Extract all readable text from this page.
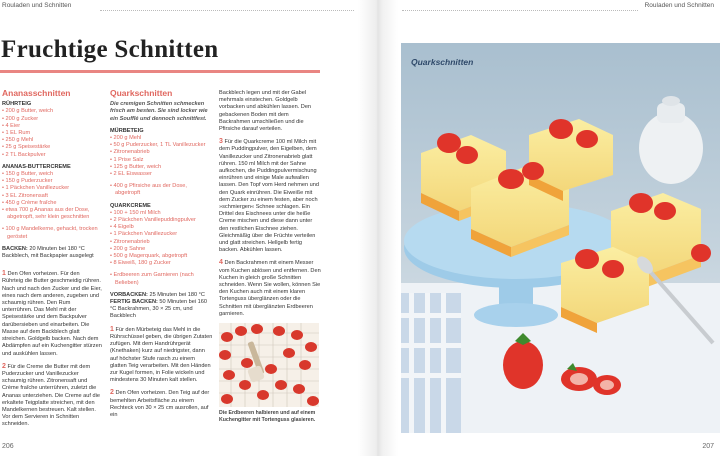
Rouladen und Schnitten	Rouladen und Schnitten
Fruchtige Schnitten
Ananasschnitten
RÜHRTEIG
• 200 g Butter, weich
• 200 g Zucker
• 4 Eier
• 1 EL Rum
• 250 g Mehl
• 25 g Speisestärke
• 2 TL Backpulver
ANANAS-BUTTERCREME
• 150 g Butter, weich
• 150 g Puderzucker
• 1 Päckchen Vanillezucker
• 3 EL Zitronensaft
• 450 g Crème fraîche
• etwa 700 g Ananas aus der Dose, abgetropft, sehr klein geschnitten
• 100 g Mandelkerne, gehackt, trocken geröstet
BACKEN: 20 Minuten bei 180 °C Backblech, mit Backpapier ausgelegt
1 Den Ofen vorheizen. Für den Rührteig die Butter geschmeidig rühren. Nach und nach den Zucker und die Eier, eines nach dem anderen, zugeben und schaumig rühren. Den Rum unterrühren. Das Mehl mit der Speisestärke und dem Backpulver darübersieben und einarbeiten. Die Masse auf dem Backblech glatt streichen. Goldgelb backen. Nach dem Abdämpfen auf ein Kuchengitter stürzen und auskühlen lassen.
2 Für die Creme die Butter mit dem Puderzucker und Vanillezucker schaumig rühren. Zitronensaft und Crème fraîche unterrühren, zuletzt die Ananas unterziehen. Die Creme auf die erkaltete Teigplatte streichen, mit den Mandelkernen bestreuen. Kalt stellen. Vor dem Servieren in Schnitten schneiden.
Quarkschnitten
Die cremigen Schnitten schmecken frisch am besten. Sie sind locker wie ein Soufflé und dennoch schnittfest.
MÜRBETEIG
• 200 g Mehl
• 50 g Puderzucker, 1 TL Vanillezucker
• Zitronenabrieb
• 1 Prise Salz
• 125 g Butter, weich
• 2 EL Eiswasser
• 400 g Pfirsiche aus der Dose, abgetropft
QUARKCREME
• 100 + 150 ml Milch
• 2 Päckchen Vanillepuddingpulver
• 4 Eigelb
• 1 Päckchen Vanillezucker
• Zitronenabrieb
• 200 g Sahne
• 500 g Magerquark, abgetropft
• 8 Eiweiß, 180 g Zucker
• Erdbeeren zum Garnieren (nach Belieben)
VORBACKEN: 25 Minuten bei 180 °C
FERTIG BACKEN: 50 Minuten bei 160 °C Backrahmen, 30 × 25 cm, und Backblech
1 Für den Mürbeteig das Mehl in die Rührschüssel geben, die übrigen Zutaten zufügen. Mit dem Handrührgerät (Knethaken) kurz auf niedrigster, dann auf höchster Stufe rasch zu einem glatten Teig verarbeiten. Mit den Händen zur Kugel formen, in Folie wickeln und mindestens 30 Minuten kalt stellen.
2 Den Ofen vorheizen. Den Teig auf der bemehlten Arbeitsfläche zu einem Rechteck von 30 × 25 cm ausrollen, auf ein
Backblech legen und mit der Gabel mehrmals einstechen. Goldgelb vorbacken und abkühlen lassen. Den gebackenen Boden mit dem Backrahmen umschließen und die Pfirsiche darauf verteilen.
3 Für die Quarkcreme 100 ml Milch mit dem Puddingpulver, den Eigelben, dem Vanillezucker und Zitronenabrieb glatt rühren. 150 ml Milch mit der Sahne aufkochen, die Puddingpulvermischung einrühren und einige Male aufwallen lassen. Den Topf vom Herd nehmen und den Quark einrühren. Die Eiweiße mit dem Zucker zu einem festen, aber noch »schmiergen« Schnee schlagen. Ein Drittel des Eischnees unter die heiße Creme mischen und diese dann unter den restlichen Eischnee ziehen. Gleichmäßig über die Früchte verteilen und glatt streichen. Hellgelb fertig backen. Abkühlen lassen.
4 Den Backrahmen mit einem Messer vom Kuchen ablösen und entfernen. Den Kuchen in gleich große Schnitten schneiden. Wenn Sie wollen, können Sie den Kuchen auch mit einem klaren Tortenguss überglänzen oder die Schnitten mit überglänzten Erdbeeren garnieren.
Die Erdbeeren halbieren und auf einem Kuchengitter mit Tortenguss glasieren.
Quarkschnitten
206	207
